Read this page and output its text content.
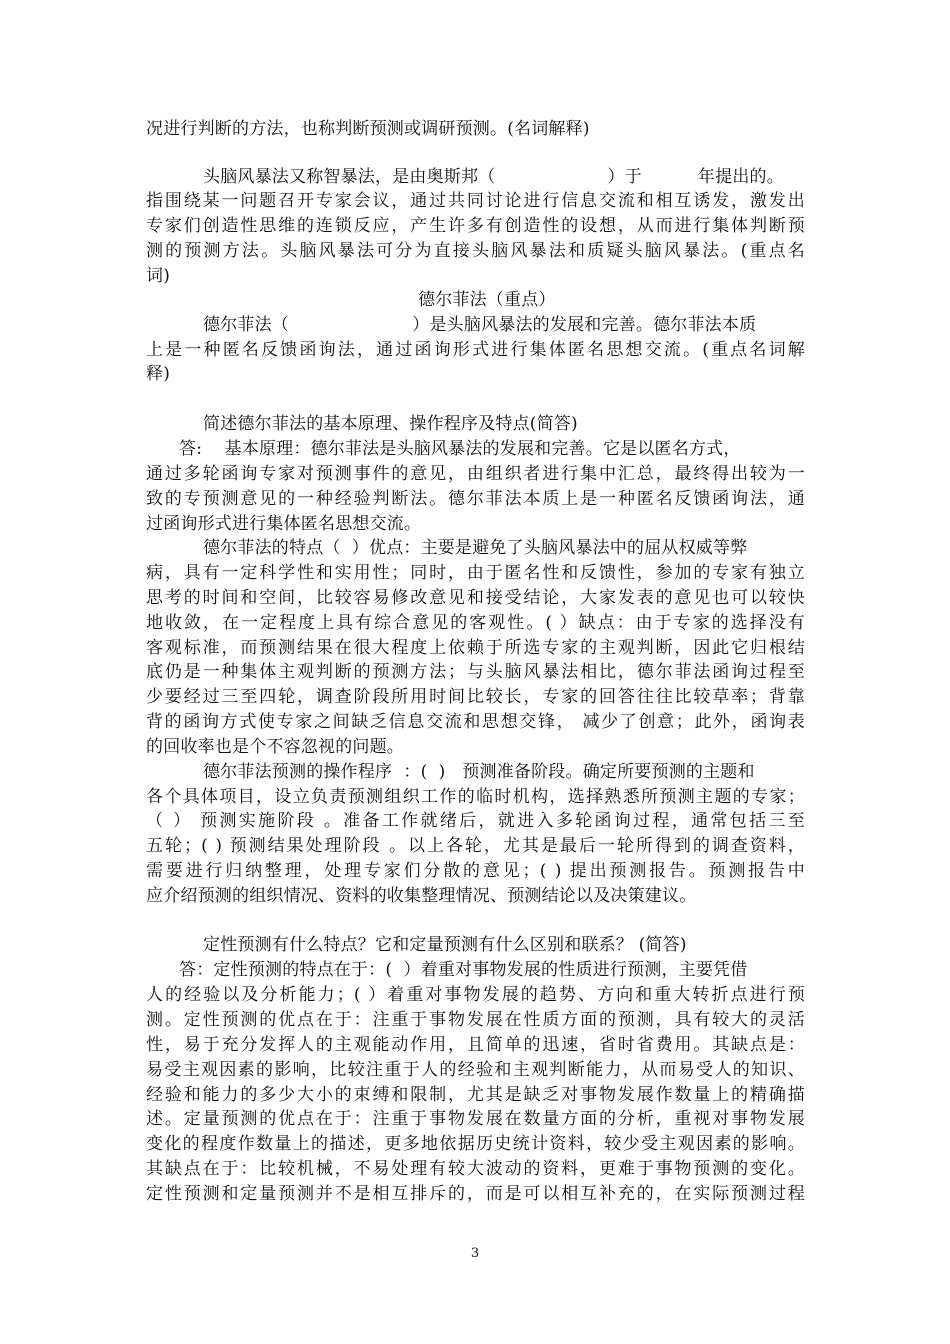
况进行判断的方法，也称判断预测或调研预测。(名词解释)
头脑风暴法又称智暴法，是由奥斯邦（                    ）于          年提出的。
指围绕某一问题召开专家会议，通过共同讨论进行信息交流和相互诱发，激发出
专家们创造性思维的连锁反应，产生许多有创造性的设想，从而进行集体判断预
测的预测方法。头脑风暴法可分为直接头脑风暴法和质疑头脑风暴法。(重点名
词)
德尔菲法（重点）
德尔菲法（                      ）是头脑风暴法的发展和完善。德尔菲法本质
上是一种匿名反馈函询法，通过函询形式进行集体匿名思想交流。(重点名词解
释)
简述德尔菲法的基本原理、操作程序及特点(简答)
答:    基本原理：德尔菲法是头脑风暴法的发展和完善。它是以匿名方式，
通过多轮函询专家对预测事件的意见，由组织者进行集中汇总，最终得出较为一
致的专预测意见的一种经验判断法。德尔菲法本质上是一种匿名反馈函询法，通
过函询形式进行集体匿名思想交流。
德尔菲法的特点（  ）优点：主要是避免了头脑风暴法中的屈从权威等弊
病，具有一定科学性和实用性；同时，由于匿名性和反馈性，参加的专家有独立
思考的时间和空间，比较容易修改意见和接受结论，大家发表的意见也可以较快
地收敛，在一定程度上具有综合意见的客观性。( ）缺点：由于专家的选择没有
客观标准，而预测结果在很大程度上依赖于所选专家的主观判断，因此它归根结
底仍是一种集体主观判断的预测方法；与头脑风暴法相比，德尔菲法函询过程至
少要经过三至四轮，调查阶段所用时间比较长，专家的回答往往比较草率；背靠
背的函询方式使专家之间缺乏信息交流和思想交锋， 减少了创意；此外，函询表
的回收率也是个不容忽视的问题。
德尔菲法预测的操作程序  ：(  )   预测准备阶段。确定所要预测的主题和
各个具体项目，设立负责预测组织工作的临时机构，选择熟悉所预测主题的专家；
（ ） 预测实施阶段 。准备工作就绪后，就进入多轮函询过程，通常包括三至
五轮；( ) 预测结果处理阶段 。以上各轮，尤其是最后一轮所得到的调查资料，
需要进行归纳整理，处理专家们分散的意见；( ) 提出预测报告。预测报告中
应介绍预测的组织情况、资料的收集整理情况、预测结论以及决策建议。
定性预测有什么特点？它和定量预测有什么区别和联系？ (简答)
答：定性预测的特点在于：(  ）着重对事物发展的性质进行预测，主要凭借
人的经验以及分析能力；( ）着重对事物发展的趋势、方向和重大转折点进行预
测。定性预测的优点在于：注重于事物发展在性质方面的预测，具有较大的灵活
性，易于充分发挥人的主观能动作用，且简单的迅速，省时省费用。其缺点是：
易受主观因素的影响，比较注重于人的经验和主观判断能力，从而易受人的知识、
经验和能力的多少大小的束缚和限制，尤其是缺乏对事物发展作数量上的精确描
述。定量预测的优点在于：注重于事物发展在数量方面的分析，重视对事物发展
变化的程度作数量上的描述，更多地依据历史统计资料，较少受主观因素的影响。
其缺点在于：比较机械，不易处理有较大波动的资料，更难于事物预测的变化。
定性预测和定量预测并不是相互排斥的，而是可以相互补充的，在实际预测过程
3
